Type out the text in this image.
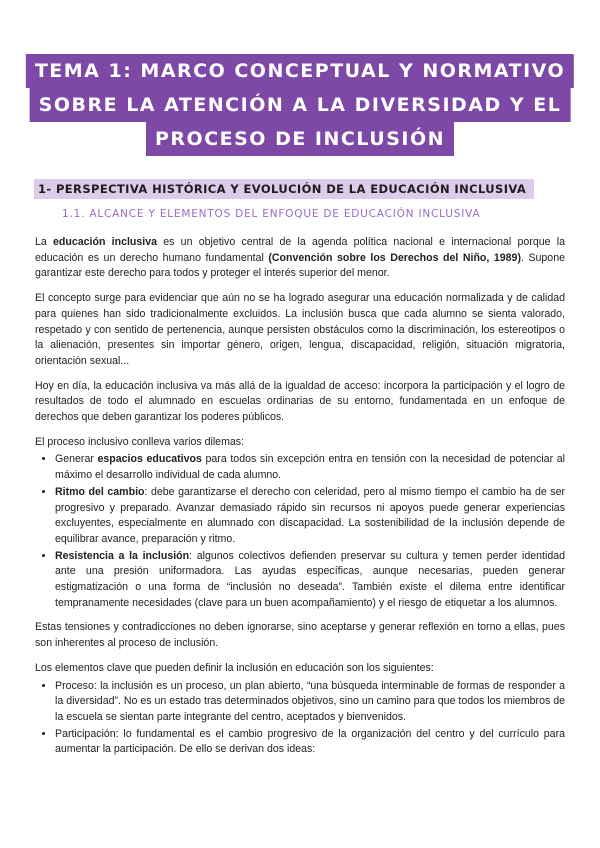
TEMA 1: MARCO CONCEPTUAL Y NORMATIVO
SOBRE LA ATENCIÓN A LA DIVERSIDAD Y EL
PROCESO DE INCLUSIÓN
1- PERSPECTIVA HISTÓRICA Y EVOLUCIÓN DE LA EDUCACIÓN INCLUSIVA
1.1. ALCANCE Y ELEMENTOS DEL ENFOQUE DE EDUCACIÓN INCLUSIVA

La educación inclusiva es un objetivo central de la agenda política nacional e internacional porque la educación es un derecho humano fundamental (Convención sobre los Derechos del Niño, 1989). Supone garantizar este derecho para todos y proteger el interés superior del menor.

El concepto surge para evidenciar que aún no se ha logrado asegurar una educación normalizada y de calidad para quienes han sido tradicionalmente excluidos. La inclusión busca que cada alumno se sienta valorado, respetado y con sentido de pertenencia, aunque persisten obstáculos como la discriminación, los estereotipos o la alienación, presentes sin importar género, origen, lengua, discapacidad, religión, situación migratoria, orientación sexual...

Hoy en día, la educación inclusiva va más allá de la igualdad de acceso: incorpora la participación y el logro de resultados de todo el alumnado en escuelas ordinarias de su entorno, fundamentada en un enfoque de derechos que deben garantizar los poderes públicos.

El proceso inclusivo conlleva varios dilemas:

• Generar espacios educativos para todos sin excepción entra en tensión con la necesidad de potenciar al máximo el desarrollo individual de cada alumno.
• Ritmo del cambio: debe garantizarse el derecho con celeridad, pero al mismo tiempo el cambio ha de ser progresivo y preparado. Avanzar demasiado rápido sin recursos ni apoyos puede generar experiencias excluyentes, especialmente en alumnado con discapacidad. La sostenibilidad de la inclusión depende de equilibrar avance, preparación y ritmo.
• Resistencia a la inclusión: algunos colectivos defienden preservar su cultura y temen perder identidad ante una presión uniformadora. Las ayudas específicas, aunque necesarias, pueden generar estigmatización o una forma de “inclusión no deseada”. También existe el dilema entre identificar tempranamente necesidades (clave para un buen acompañamiento) y el riesgo de etiquetar a los alumnos.

Estas tensiones y contradicciones no deben ignorarse, sino aceptarse y generar reflexión en torno a ellas, pues son inherentes al proceso de inclusión.

Los elementos clave que pueden definir la inclusión en educación son los siguientes:

• Proceso: la inclusión es un proceso, un plan abierto, “una búsqueda interminable de formas de responder a la diversidad”. No es un estado tras determinados objetivos, sino un camino para que todos los miembros de la escuela se sientan parte integrante del centro, aceptados y bienvenidos.
• Participación: lo fundamental es el cambio progresivo de la organización del centro y del currículo para aumentar la participación. De ello se derivan dos ideas:
